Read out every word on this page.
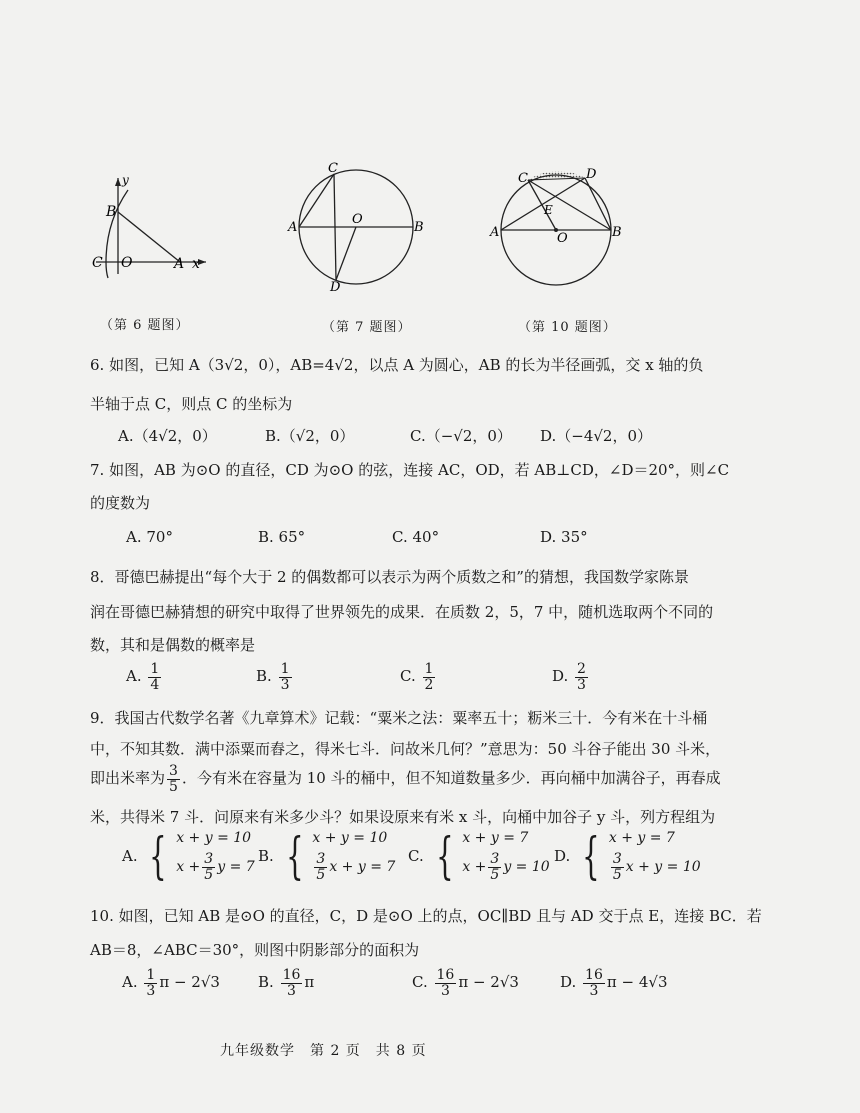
y
B
C O	A x
（第 6 题图）
C
A
O
B
D
（第 7 题图）
C	D
E
A	O	B
（第 10 题图）
6. 如图，已知 A（3√2，0），AB=4√2，以点 A 为圆心，AB 的长为半径画弧，交 x 轴的负
半轴于点 C，则点 C 的坐标为
A.（4√2，0）	B.（√2，0）	C.（−√2，0） D.（−4√2，0）
7. 如图，AB 为⊙O 的直径，CD 为⊙O 的弦，连接 AC，OD，若 AB⊥CD，∠D＝20°，则∠C
的度数为
A. 70°	B. 65°	C. 40°	D. 35°
8．哥德巴赫提出“每个大于 2 的偶数都可以表示为两个质数之和”的猜想，我国数学家陈景
润在哥德巴赫猜想的研究中取得了世界领先的成果．在质数 2，5，7 中，随机选取两个不同的
数，其和是偶数的概率是
A. $\frac{1}{4}$	B. $\frac{1}{3}$	C. $\frac{1}{2}$	D. $\frac{2}{3}$
9．我国古代数学名著《九章算术》记载：“粟米之法：粟率五十；粝米三十．今有米在十斗桶
中，不知其数．满中添粟而舂之，得米七斗．问故米几何？”意思为：50 斗谷子能出 30 斗米，
即出米率为 $\frac{3}{5}$ ．今有米在容量为 10 斗的桶中，但不知道数量多少．再向桶中加满谷子，再春成
米，共得米 7 斗．问原来有米多少斗？如果设原来有米 x 斗，向桶中加谷子 y 斗，列方程组为
A. { x + y = 10
$x + \frac{3}{5}$ y = 7
B. { x + y = 10
$\frac{3}{5}$ x + y = 7
C. { x + y = 7
$x + \frac{3}{5}$ y = 10
D. { x + y = 7
$\frac{3}{5}$ x + y = 10
10. 如图，已知 AB 是⊙O 的直径，C，D 是⊙O 上的点，OC∥BD 且与 AD 交于点 E，连接 BC．若
AB＝8，∠ABC＝30°，则图中阴影部分的面积为
A. $\frac{1}{3}$ π − 2√3	B. $\frac{16}{3}$ π	C. $\frac{16}{3}$ π − 2√3	D. $\frac{16}{3}$ π − 4√3
九年级数学　第 2 页　共 8 页
